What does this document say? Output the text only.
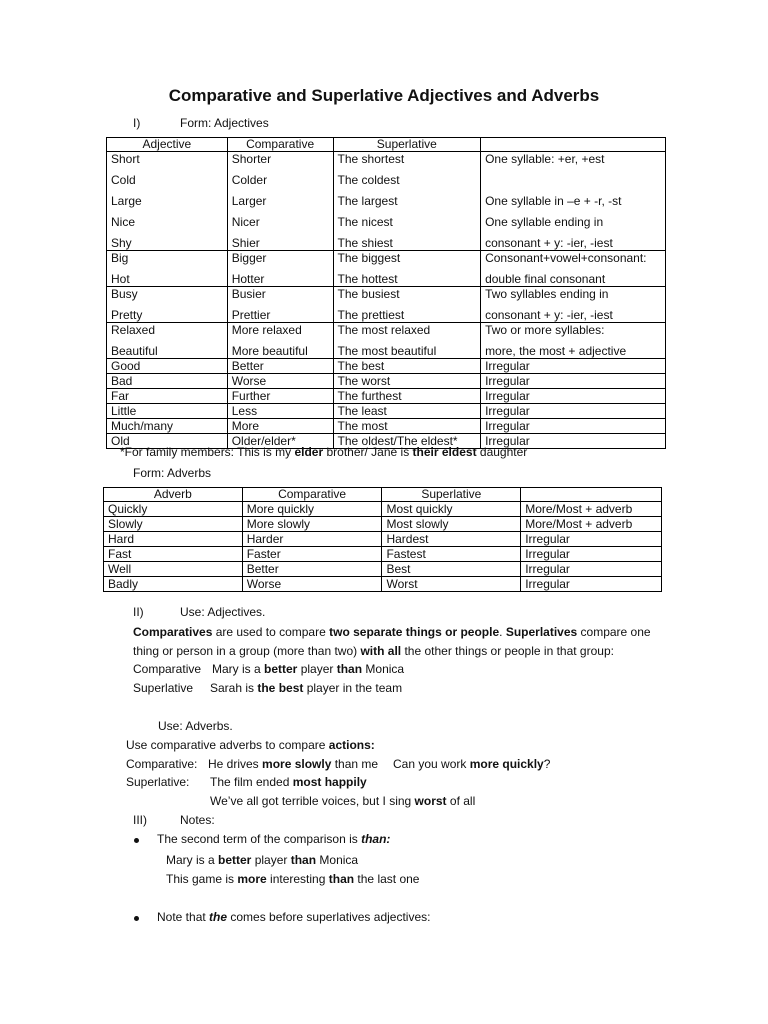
Comparative and Superlative Adjectives and Adverbs
I)	Form: Adjectives
Adjective	Comparative	Superlative	

Short	Shorter	The shortest	One syllable: +er, +est

Cold	Colder	The coldest	

Large	Larger	The largest	One syllable in –e + -r, -st

Nice	Nicer	The nicest	One syllable ending in

Shy	Shier	The shiest	consonant + y: -ier, -iest

Big	Bigger	The biggest	Consonant+vowel+consonant:

Hot	Hotter	The hottest	double final consonant

Busy	Busier	The busiest	Two syllables ending in

Pretty	Prettier	The prettiest	consonant + y: -ier, -iest

Relaxed	More relaxed	The most relaxed	Two or more syllables:

Beautiful	More beautiful	The most beautiful	more, the most + adjective

Good	Better	The best	Irregular

Bad	Worse	The worst	Irregular

Far	Further	The furthest	Irregular

Little	Less	The least	Irregular

Much/many	More	The most	Irregular

Old	Older/elder*	The oldest/The eldest*	Irregular
*For family members: This is my elder brother/ Jane is their eldest daughter
Form: Adverbs
Adverb	Comparative	Superlative	

Quickly	More quickly	Most quickly	More/Most + adverb

Slowly	More slowly	Most slowly	More/Most + adverb

Hard	Harder	Hardest	Irregular

Fast	Faster	Fastest	Irregular

Well	Better	Best	Irregular

Badly	Worse	Worst	Irregular
II)	Use: Adjectives.
Comparatives are used to compare two separate things or people. Superlatives compare one
thing or person in a group (more than two) with all the other things or people in that group:
Comparative Mary is a better player than Monica
Superlative Sarah is the best player in the team
Use: Adverbs.
Use comparative adverbs to compare actions:
Comparative: He drives more slowly than me Can you work more quickly?
Superlative: The film ended most happily
We’ve all got terrible voices, but I sing worst of all
III)	Notes:
The second term of the comparison is than:
Mary is a better player than Monica
This game is more interesting than the last one
Note that the comes before superlatives adjectives:
